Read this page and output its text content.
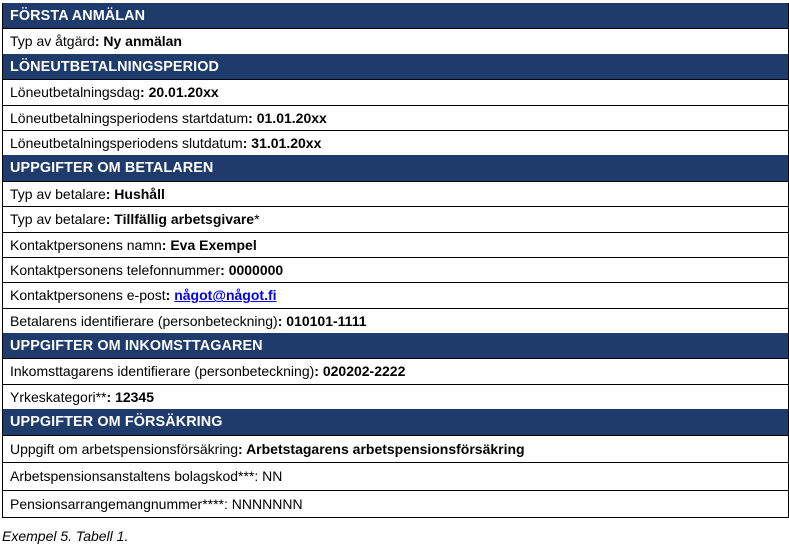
FÖRSTA ANMÄLAN
Typ av åtgärd: Ny anmälan
LÖNEUTBETALNINGSPERIOD
Löneutbetalningsdag: 20.01.20xx
Löneutbetalningsperiodens startdatum: 01.01.20xx
Löneutbetalningsperiodens slutdatum: 31.01.20xx
UPPGIFTER OM BETALAREN
Typ av betalare: Hushåll
Typ av betalare: Tillfällig arbetsgivare*
Kontaktpersonens namn: Eva Exempel
Kontaktpersonens telefonnummer: 0000000
Kontaktpersonens e-post: något@något.fi
Betalarens identifierare (personbeteckning): 010101-1111
UPPGIFTER OM INKOMSTTAGAREN
Inkomsttagarens identifierare (personbeteckning): 020202-2222
Yrkeskategori**: 12345
UPPGIFTER OM FÖRSÄKRING
Uppgift om arbetspensionsförsäkring: Arbetstagarens arbetspensionsförsäkring
Arbetspensionsanstaltens bolagskod***: NN
Pensionsarrangemangnummer****: NNNNNNN
Exempel 5. Tabell 1.
